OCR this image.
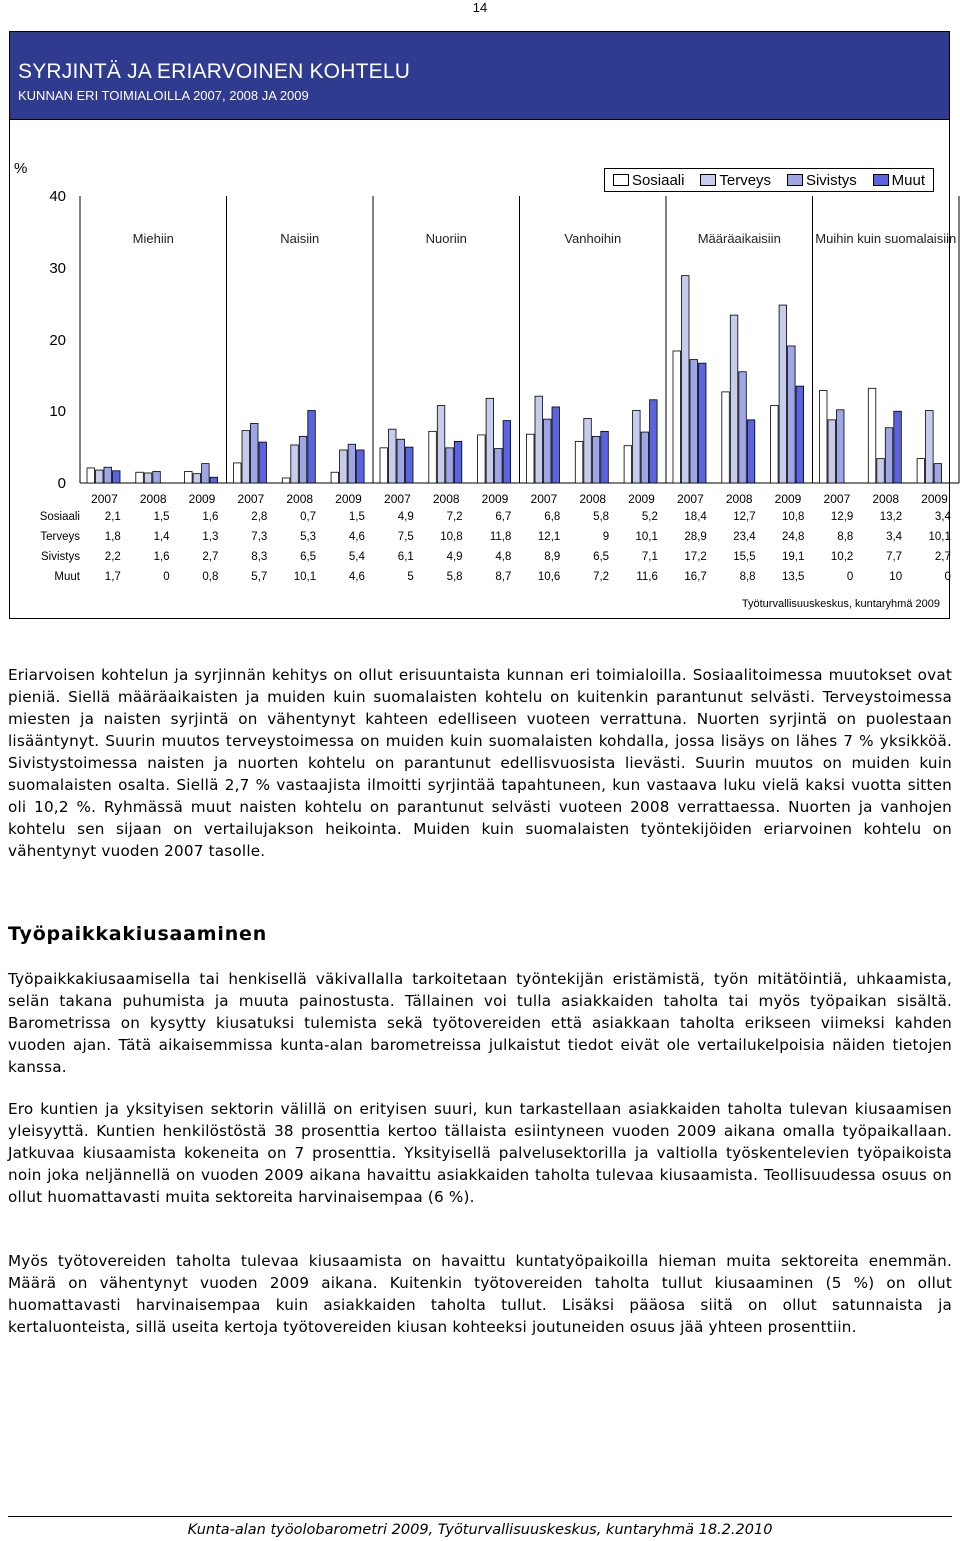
14
SYRJINTÄ JA ERIARVOINEN KOHTELU
KUNNAN ERI TOIMIALOILLA 2007, 2008 JA 2009
%
40
30
20
10
0
Sosiaali Terveys Sivistys Muut
Miehiin	Naisiin	Nuoriin	Vanhoihin	Määräaikaisiin	Muihin kuin suomalaisiin
2007	2008	2009	2007	2008	2009	2007	2008	2009	2007	2008	2009	2007	2008	2009	2007	2008	2009
Sosiaali	2,1	1,5	1,6	2,8	0,7	1,5	4,9	7,2	6,7	6,8	5,8	5,2	18,4	12,7	10,8	12,9	13,2	3,4
Terveys	1,8	1,4	1,3	7,3	5,3	4,6	7,5	10,8	11,8	12,1	9	10,1	28,9	23,4	24,8	8,8	3,4	10,1
Sivistys	2,2	1,6	2,7	8,3	6,5	5,4	6,1	4,9	4,8	8,9	6,5	7,1	17,2	15,5	19,1	10,2	7,7	2,7
Muut	1,7	0	0,8	5,7	10,1	4,6	5	5,8	8,7	10,6	7,2	11,6	16,7	8,8	13,5	0	10	0
Työturvallisuuskeskus, kuntaryhmä 2009
Eriarvoisen kohtelun ja syrjinnän kehitys on ollut erisuuntaista kunnan eri toimialoilla. Sosiaalitoimessa muutokset ovat pieniä. Siellä määräaikaisten ja muiden kuin suomalaisten kohtelu on kuitenkin parantunut selvästi. Terveystoimessa miesten ja naisten syrjintä on vähentynyt kahteen edelliseen vuoteen verrattuna. Nuorten syrjintä on puolestaan lisääntynyt. Suurin muutos terveystoimessa on muiden kuin suomalaisten kohdalla, jossa lisäys on lähes 7 % yksikköä. Sivistystoimessa naisten ja nuorten kohtelu on parantunut edellisvuosista lievästi. Suurin muutos on muiden kuin suomalaisten osalta. Siellä 2,7 % vastaajista ilmoitti syrjintää tapahtuneen, kun vastaava luku vielä kaksi vuotta sitten oli 10,2 %. Ryhmässä muut naisten kohtelu on parantunut selvästi vuoteen 2008 verrattaessa. Nuorten ja vanhojen kohtelu sen sijaan on vertailujakson heikointa. Muiden kuin suomalaisten työntekijöiden eriarvoinen kohtelu on vähentynyt vuoden 2007 tasolle.
Työpaikkakiusaaminen
Työpaikkakiusaamisella tai henkisellä väkivallalla tarkoitetaan työntekijän eristämistä, työn mitätöintiä, uhkaamista, selän takana puhumista ja muuta painostusta. Tällainen voi tulla asiakkaiden taholta tai myös työpaikan sisältä. Barometrissa on kysytty kiusatuksi tulemista sekä työtovereiden että asiakkaan taholta erikseen viimeksi kahden vuoden ajan. Tätä aikaisemmissa kunta-alan barometreissa julkaistut tiedot eivät ole vertailukelpoisia näiden tietojen kanssa.
Ero kuntien ja yksityisen sektorin välillä on erityisen suuri, kun tarkastellaan asiakkaiden taholta tulevan kiusaamisen yleisyyttä. Kuntien henkilöstöstä 38 prosenttia kertoo tällaista esiintyneen vuoden 2009 aikana omalla työpaikallaan. Jatkuvaa kiusaamista kokeneita on 7 prosenttia. Yksityisellä palvelusektorilla ja valtiolla työskentelevien työpaikoista noin joka neljännellä on vuoden 2009 aikana havaittu asiakkaiden taholta tulevaa kiusaamista. Teollisuudessa osuus on ollut huomattavasti muita sektoreita harvinaisempaa (6 %).
Myös työtovereiden taholta tulevaa kiusaamista on havaittu kuntatyöpaikoilla hieman muita sektoreita enemmän. Määrä on vähentynyt vuoden 2009 aikana. Kuitenkin työtovereiden taholta tullut kiusaaminen (5 %) on ollut huomattavasti harvinaisempaa kuin asiakkaiden taholta tullut. Lisäksi pääosa siitä on ollut satunnaista ja kertaluonteista, sillä useita kertoja työtovereiden kiusan kohteeksi joutuneiden osuus jää yhteen prosenttiin.
Kunta-alan työolobarometri 2009, Työturvallisuuskeskus, kuntaryhmä 18.2.2010
